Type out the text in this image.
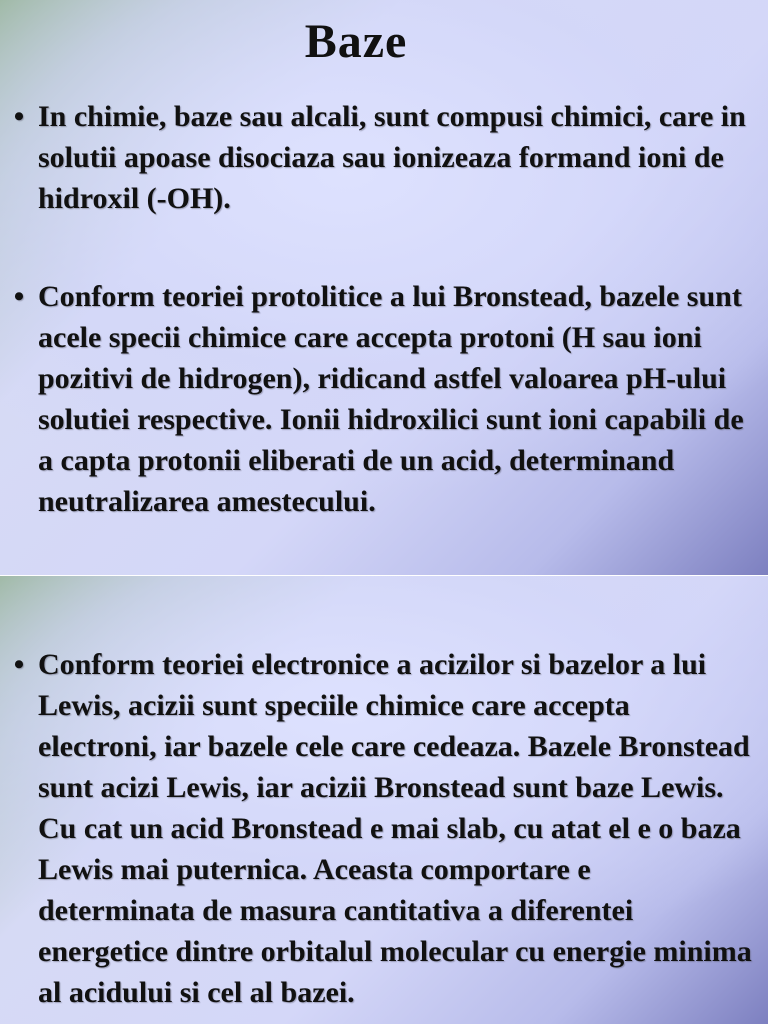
Baze
• In chimie, baze sau alcali, sunt compusi chimici, care in solutii apoase disociaza sau ionizeaza formand ioni de hidroxil (-OH).
• Conform teoriei protolitice a lui Bronstead, bazele sunt acele specii chimice care accepta protoni (H sau ioni pozitivi de hidrogen), ridicand astfel valoarea pH-ului solutiei respective. Ionii hidroxilici sunt ioni capabili de a capta protonii eliberati de un acid, determinand neutralizarea amestecului.
• Conform teoriei electronice a acizilor si bazelor a lui Lewis, acizii sunt speciile chimice care accepta electroni, iar bazele cele care cedeaza. Bazele Bronstead sunt acizi Lewis, iar acizii Bronstead sunt baze Lewis. Cu cat un acid Bronstead e mai slab, cu atat el e o baza Lewis mai puternica. Aceasta comportare e determinata de masura cantitativa a diferentei energetice dintre orbitalul molecular cu energie minima al acidului si cel al bazei.
